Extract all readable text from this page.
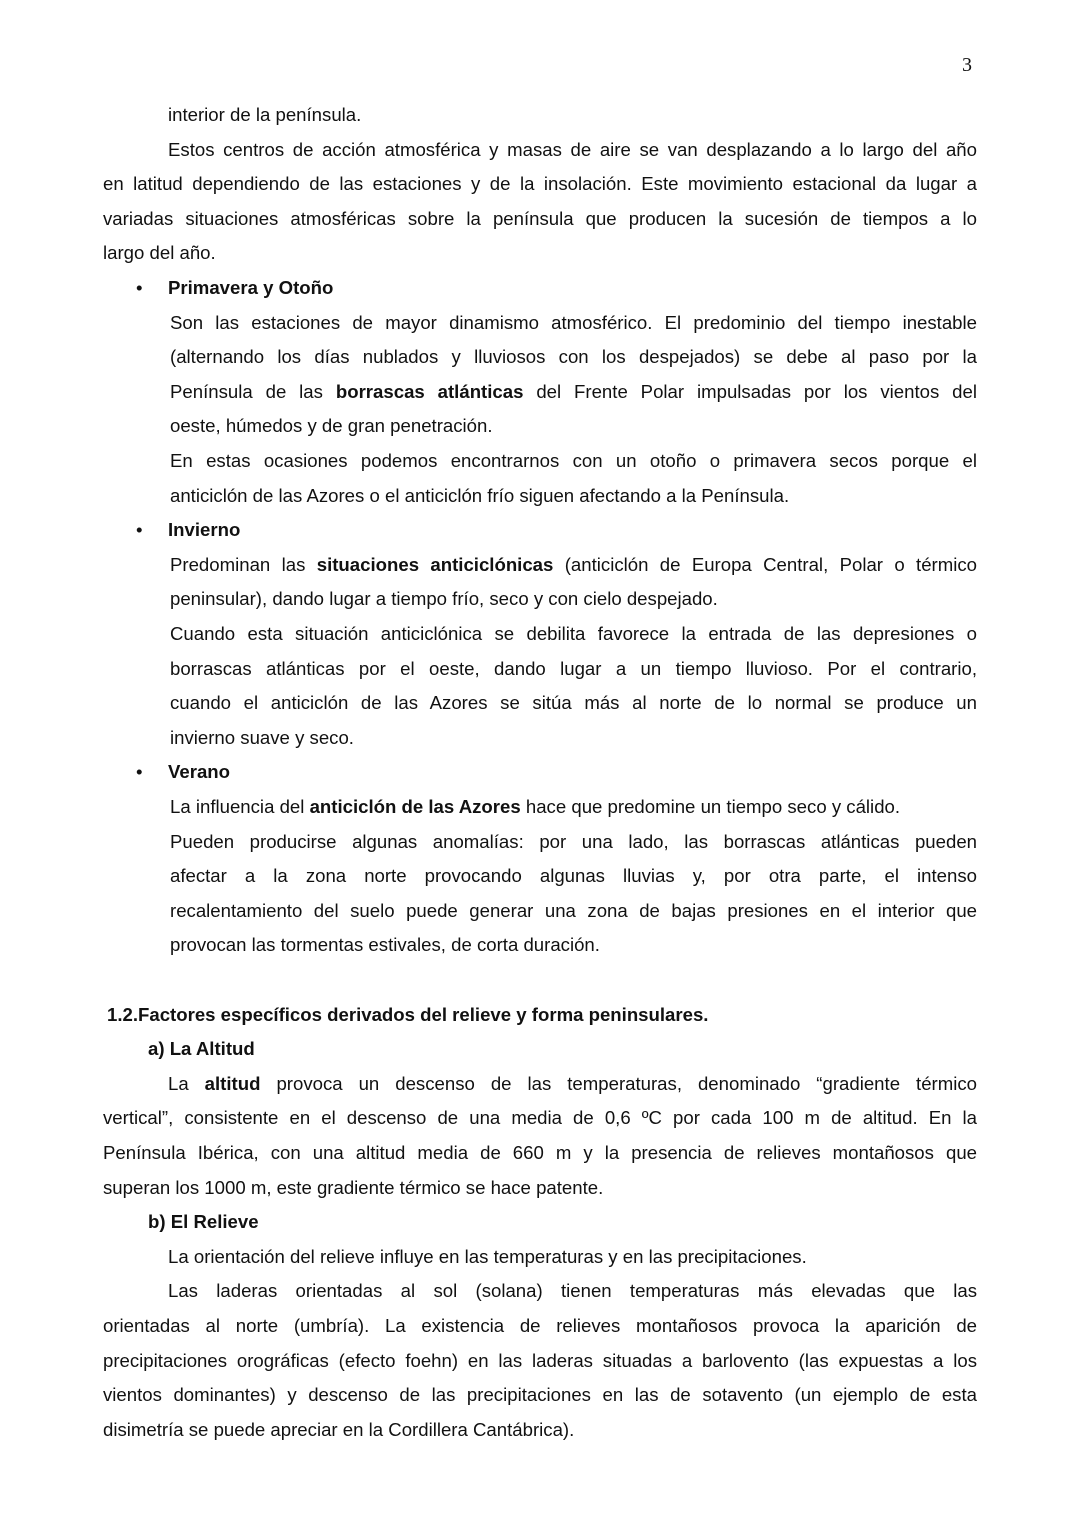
3
interior de la península.
Estos centros de acción atmosférica y masas de aire se van desplazando a lo largo del año
en latitud dependiendo de las estaciones y de la insolación. Este movimiento estacional da lugar a
variadas situaciones atmosféricas sobre la península que producen la sucesión de tiempos a lo
largo del año.
• Primavera y Otoño
Son las estaciones de mayor dinamismo atmosférico. El predominio del tiempo inestable
(alternando los días nublados y lluviosos con los despejados) se debe al paso por la
Península de las borrascas atlánticas del Frente Polar impulsadas por los vientos del
oeste, húmedos y de gran penetración.
En estas ocasiones podemos encontrarnos con un otoño o primavera secos porque el
anticiclón de las Azores o el anticiclón frío siguen afectando a la Península.
• Invierno
Predominan las situaciones anticiclónicas (anticiclón de Europa Central, Polar o térmico
peninsular), dando lugar a tiempo frío, seco y con cielo despejado.
Cuando esta situación anticiclónica se debilita favorece la entrada de las depresiones o
borrascas atlánticas por el oeste, dando lugar a un tiempo lluvioso. Por el contrario,
cuando el anticiclón de las Azores se sitúa más al norte de lo normal se produce un
invierno suave y seco.
• Verano
La influencia del anticiclón de las Azores hace que predomine un tiempo seco y cálido.
Pueden producirse algunas anomalías: por una lado, las borrascas atlánticas pueden
afectar a la zona norte provocando algunas lluvias y, por otra parte, el intenso
recalentamiento del suelo puede generar una zona de bajas presiones en el interior que
provocan las tormentas estivales, de corta duración.
1.2.Factores específicos derivados del relieve y forma peninsulares.
a) La Altitud
La altitud provoca un descenso de las temperaturas, denominado “gradiente térmico
vertical”, consistente en el descenso de una media de 0,6 ºC por cada 100 m de altitud. En la
Península Ibérica, con una altitud media de 660 m y la presencia de relieves montañosos que
superan los 1000 m, este gradiente térmico se hace patente.
b) El Relieve
La orientación del relieve influye en las temperaturas y en las precipitaciones.
Las laderas orientadas al sol (solana) tienen temperaturas más elevadas que las
orientadas al norte (umbría). La existencia de relieves montañosos provoca la aparición de
precipitaciones orográficas (efecto foehn) en las laderas situadas a barlovento (las expuestas a los
vientos dominantes) y descenso de las precipitaciones en las de sotavento (un ejemplo de esta
disimetría se puede apreciar en la Cordillera Cantábrica).
